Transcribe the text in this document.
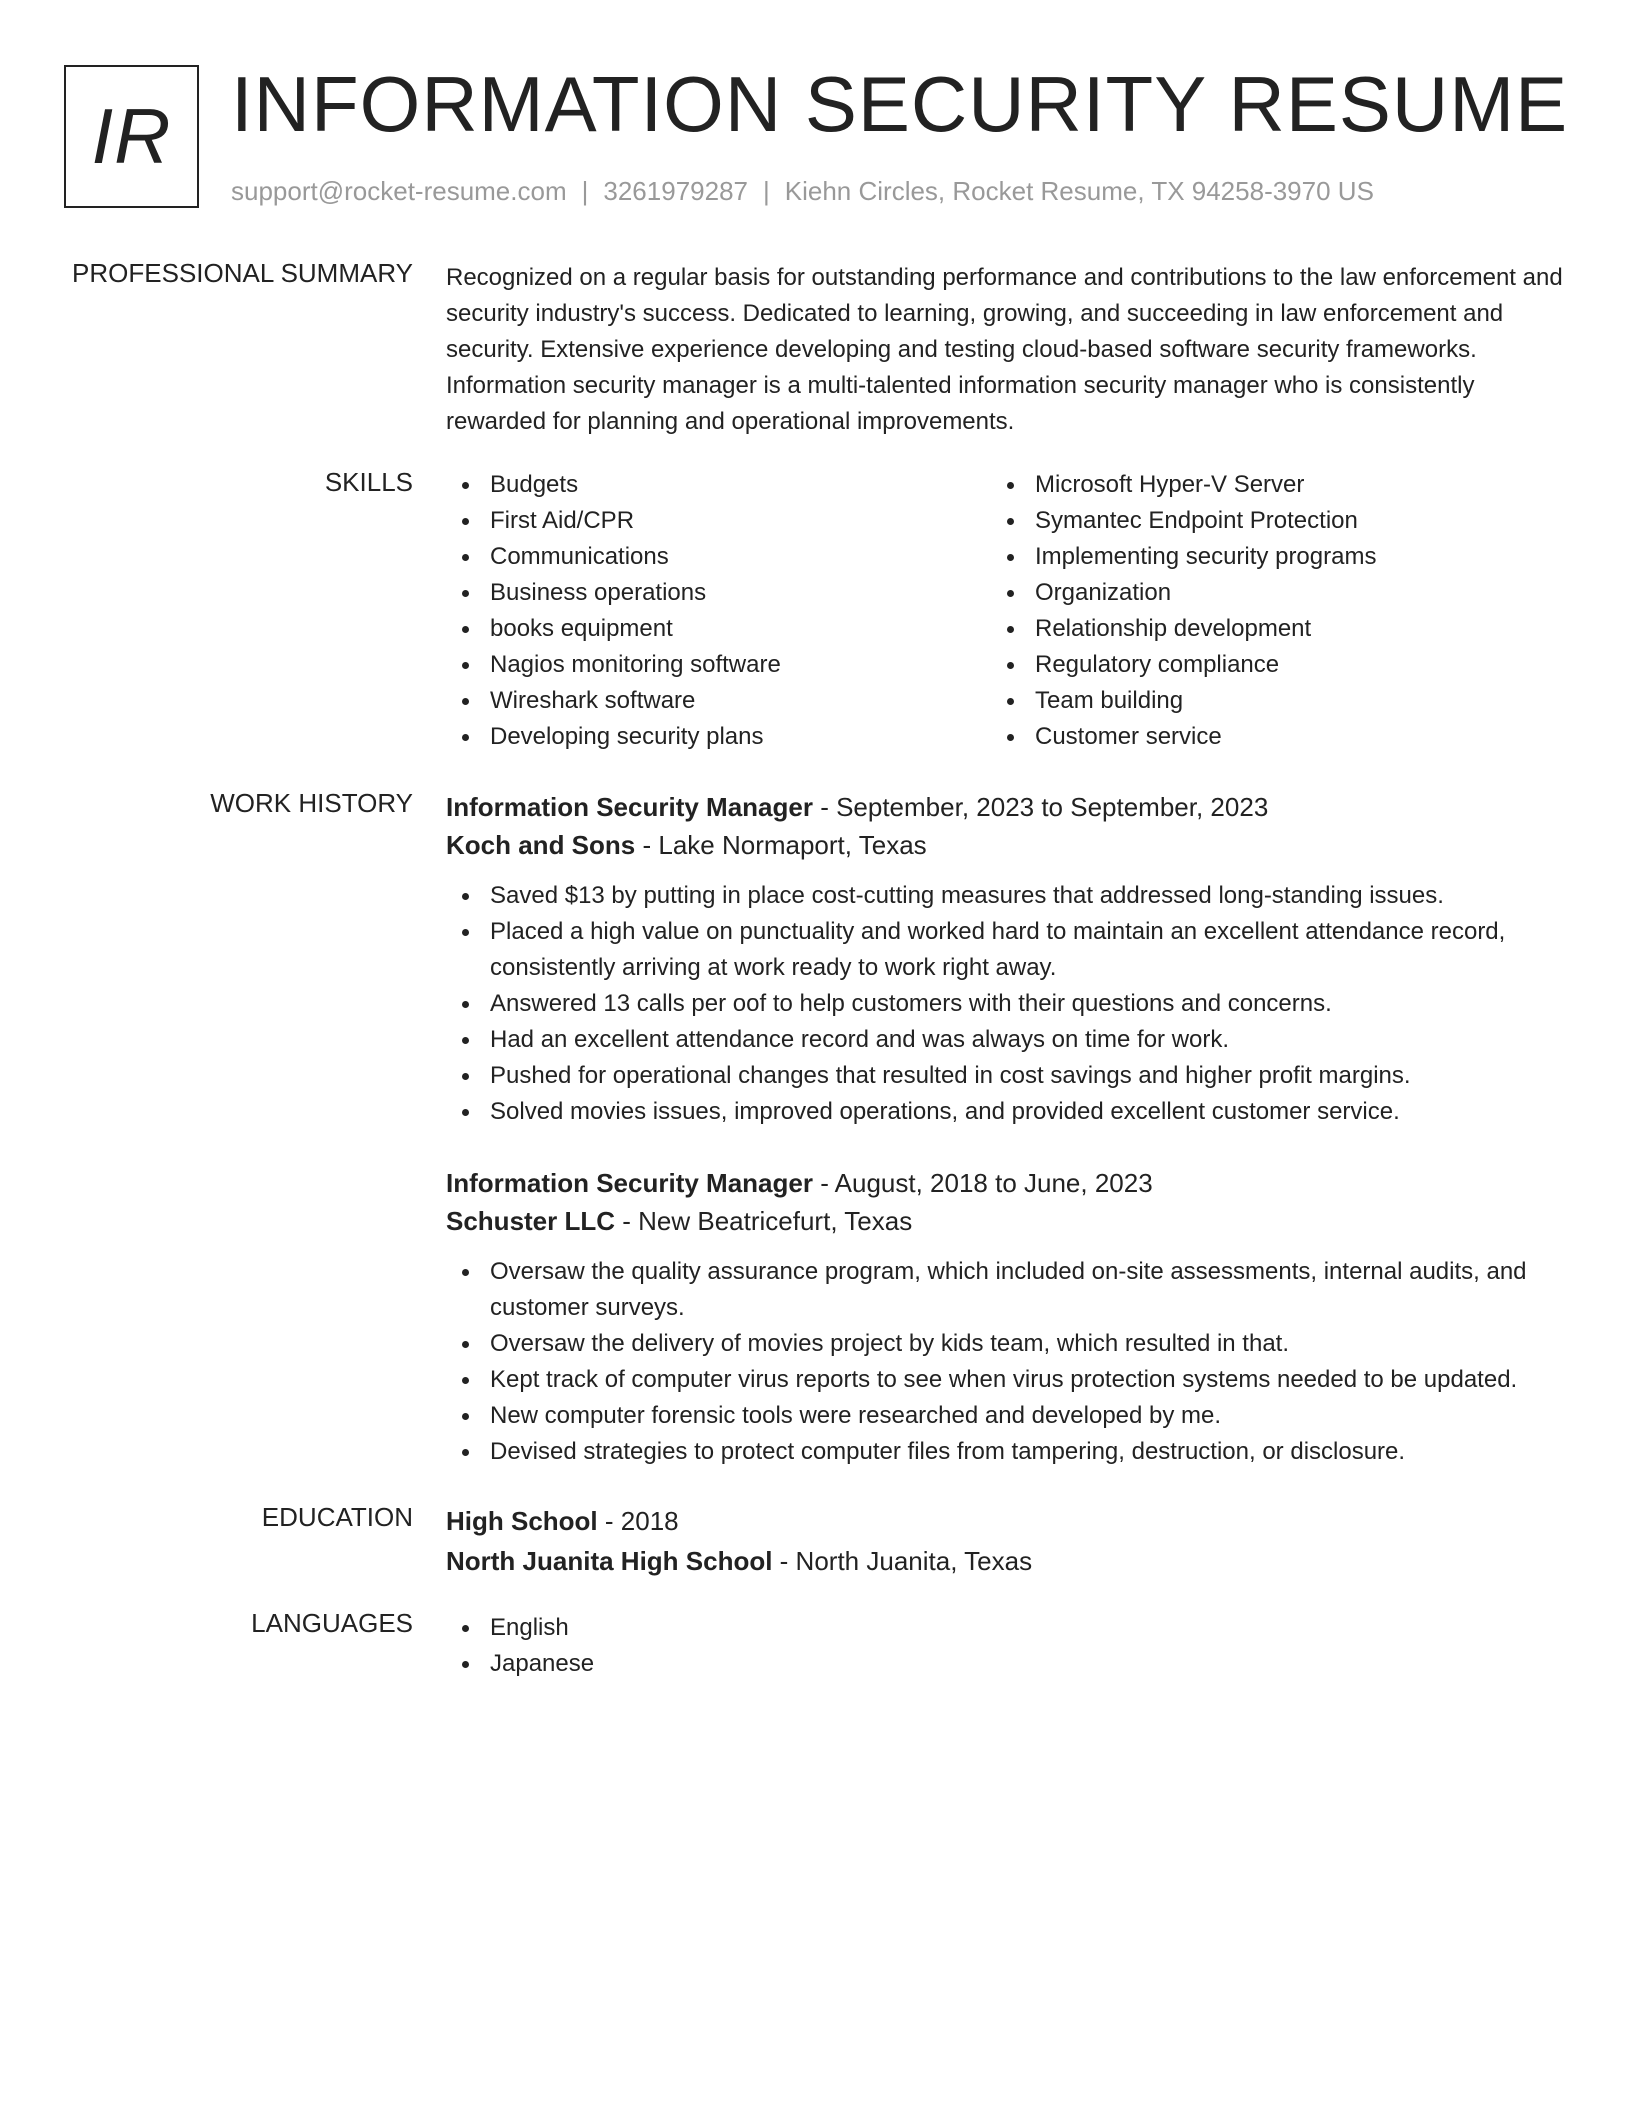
IR INFORMATION SECURITY RESUME
support@rocket-resume.com | 3261979287 | Kiehn Circles, Rocket Resume, TX 94258-3970 US
PROFESSIONAL SUMMARY Recognized on a regular basis for outstanding performance and contributions to the law enforcement and security industry's success. Dedicated to learning, growing, and succeeding in law enforcement and security. Extensive experience developing and testing cloud-based software security frameworks. Information security manager is a multi-talented information security manager who is consistently rewarded for planning and operational improvements.
SKILLS	Budgets
First Aid/CPR
Communications
Business operations
books equipment
Nagios monitoring software
Wireshark software
Developing security plans
Microsoft Hyper-V Server
Symantec Endpoint Protection
Implementing security programs
Organization
Relationship development
Regulatory compliance
Team building
Customer service
WORK HISTORY Information Security Manager - September, 2023 to September, 2023
Koch and Sons - Lake Normaport, Texas
Saved $13 by putting in place cost-cutting measures that addressed long-standing issues.
Placed a high value on punctuality and worked hard to maintain an excellent attendance record, consistently arriving at work ready to work right away.
Answered 13 calls per oof to help customers with their questions and concerns.
Had an excellent attendance record and was always on time for work.
Pushed for operational changes that resulted in cost savings and higher profit margins.
Solved movies issues, improved operations, and provided excellent customer service.
Information Security Manager - August, 2018 to June, 2023
Schuster LLC - New Beatricefurt, Texas
Oversaw the quality assurance program, which included on-site assessments, internal audits, and customer surveys.
Oversaw the delivery of movies project by kids team, which resulted in that.
Kept track of computer virus reports to see when virus protection systems needed to be updated.
New computer forensic tools were researched and developed by me.
Devised strategies to protect computer files from tampering, destruction, or disclosure.
EDUCATION High School - 2018
North Juanita High School - North Juanita, Texas
LANGUAGES	English
Japanese
